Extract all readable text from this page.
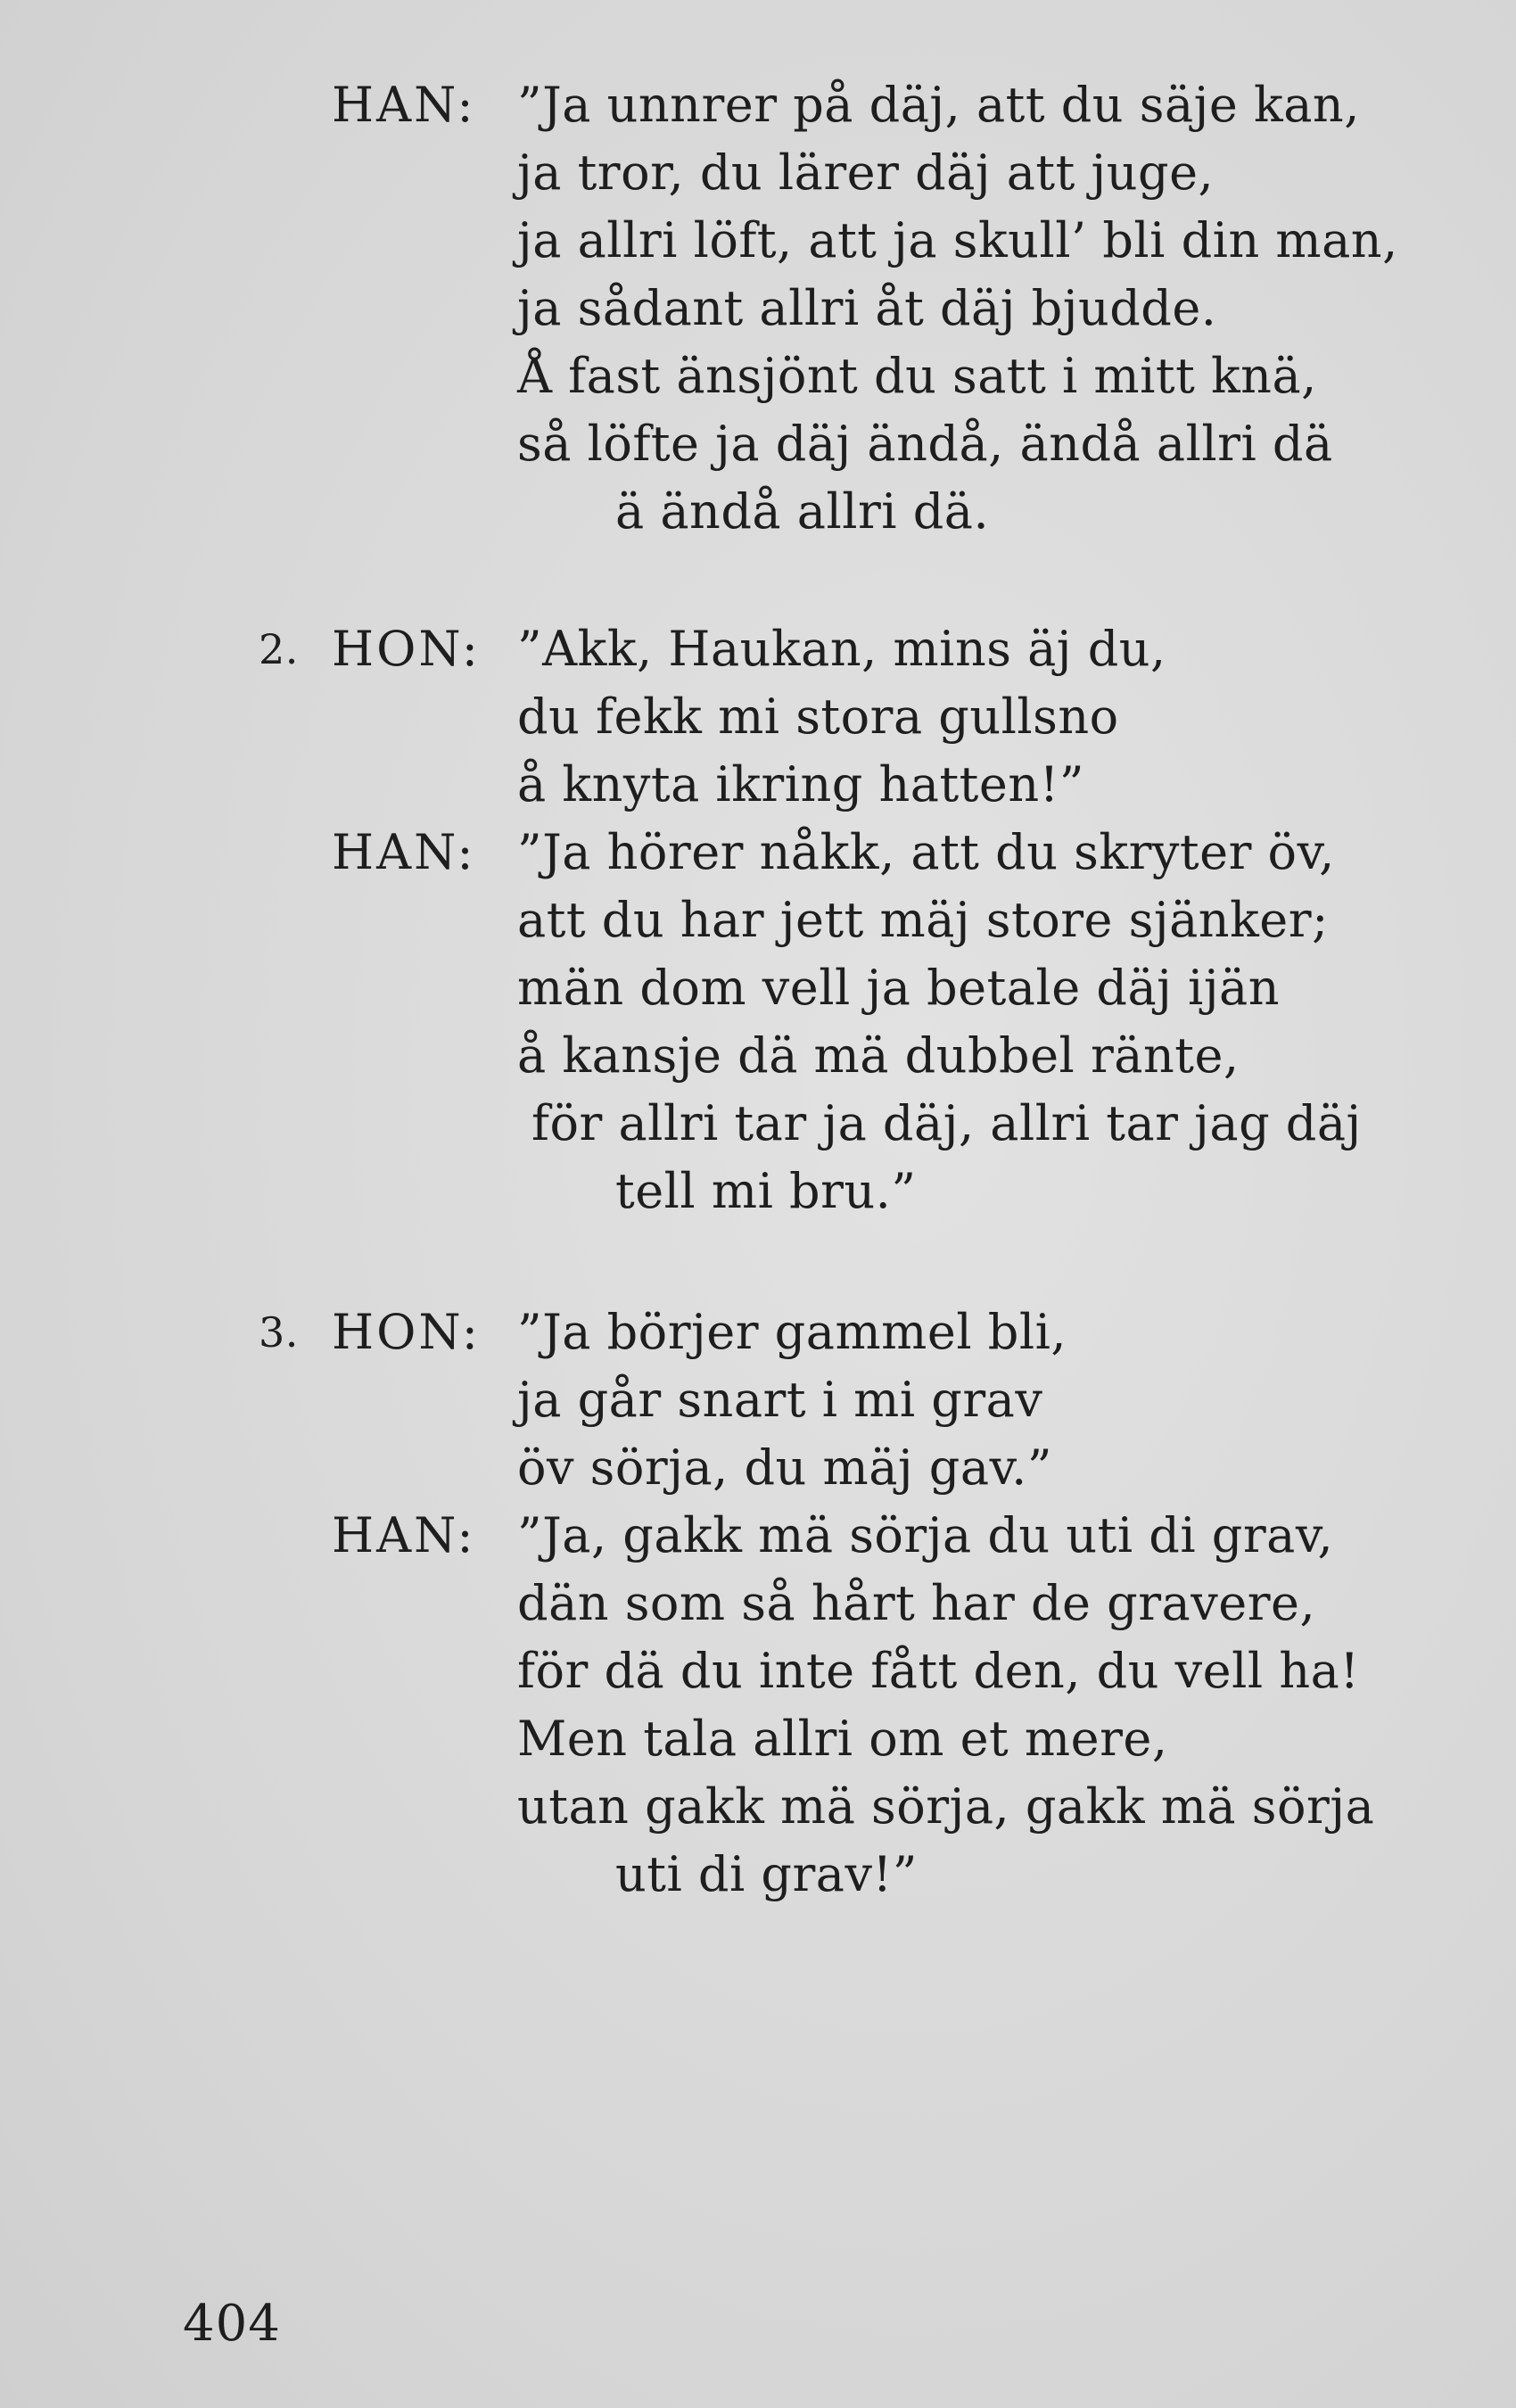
HAN: ”Ja unnrer på däj, att du säje kan,
ja tror, du lärer däj att juge,
ja allri löft, att ja skull’ bli din man,
ja sådant allri åt däj bjudde.
Å fast änsjönt du satt i mitt knä,
så löfte ja däj ändå, ändå allri dä
ä ändå allri dä.
2. HON: ”Akk, Haukan, mins äj du,
du fekk mi stora gullsno
å knyta ikring hatten!”
HAN: ”Ja hörer nåkk, att du skryter öv,
att du har jett mäj store sjänker;
män dom vell ja betale däj ijän
å kansje dä mä dubbel ränte,
för allri tar ja däj, allri tar jag däj
tell mi bru.”
3. HON: ”Ja börjer gammel bli,
ja går snart i mi grav
öv sörja, du mäj gav.”
HAN: ”Ja, gakk mä sörja du uti di grav,
dän som så hårt har de gravere,
för dä du inte fått den, du vell ha!
Men tala allri om et mere,
utan gakk mä sörja, gakk mä sörja
uti di grav!”
404
